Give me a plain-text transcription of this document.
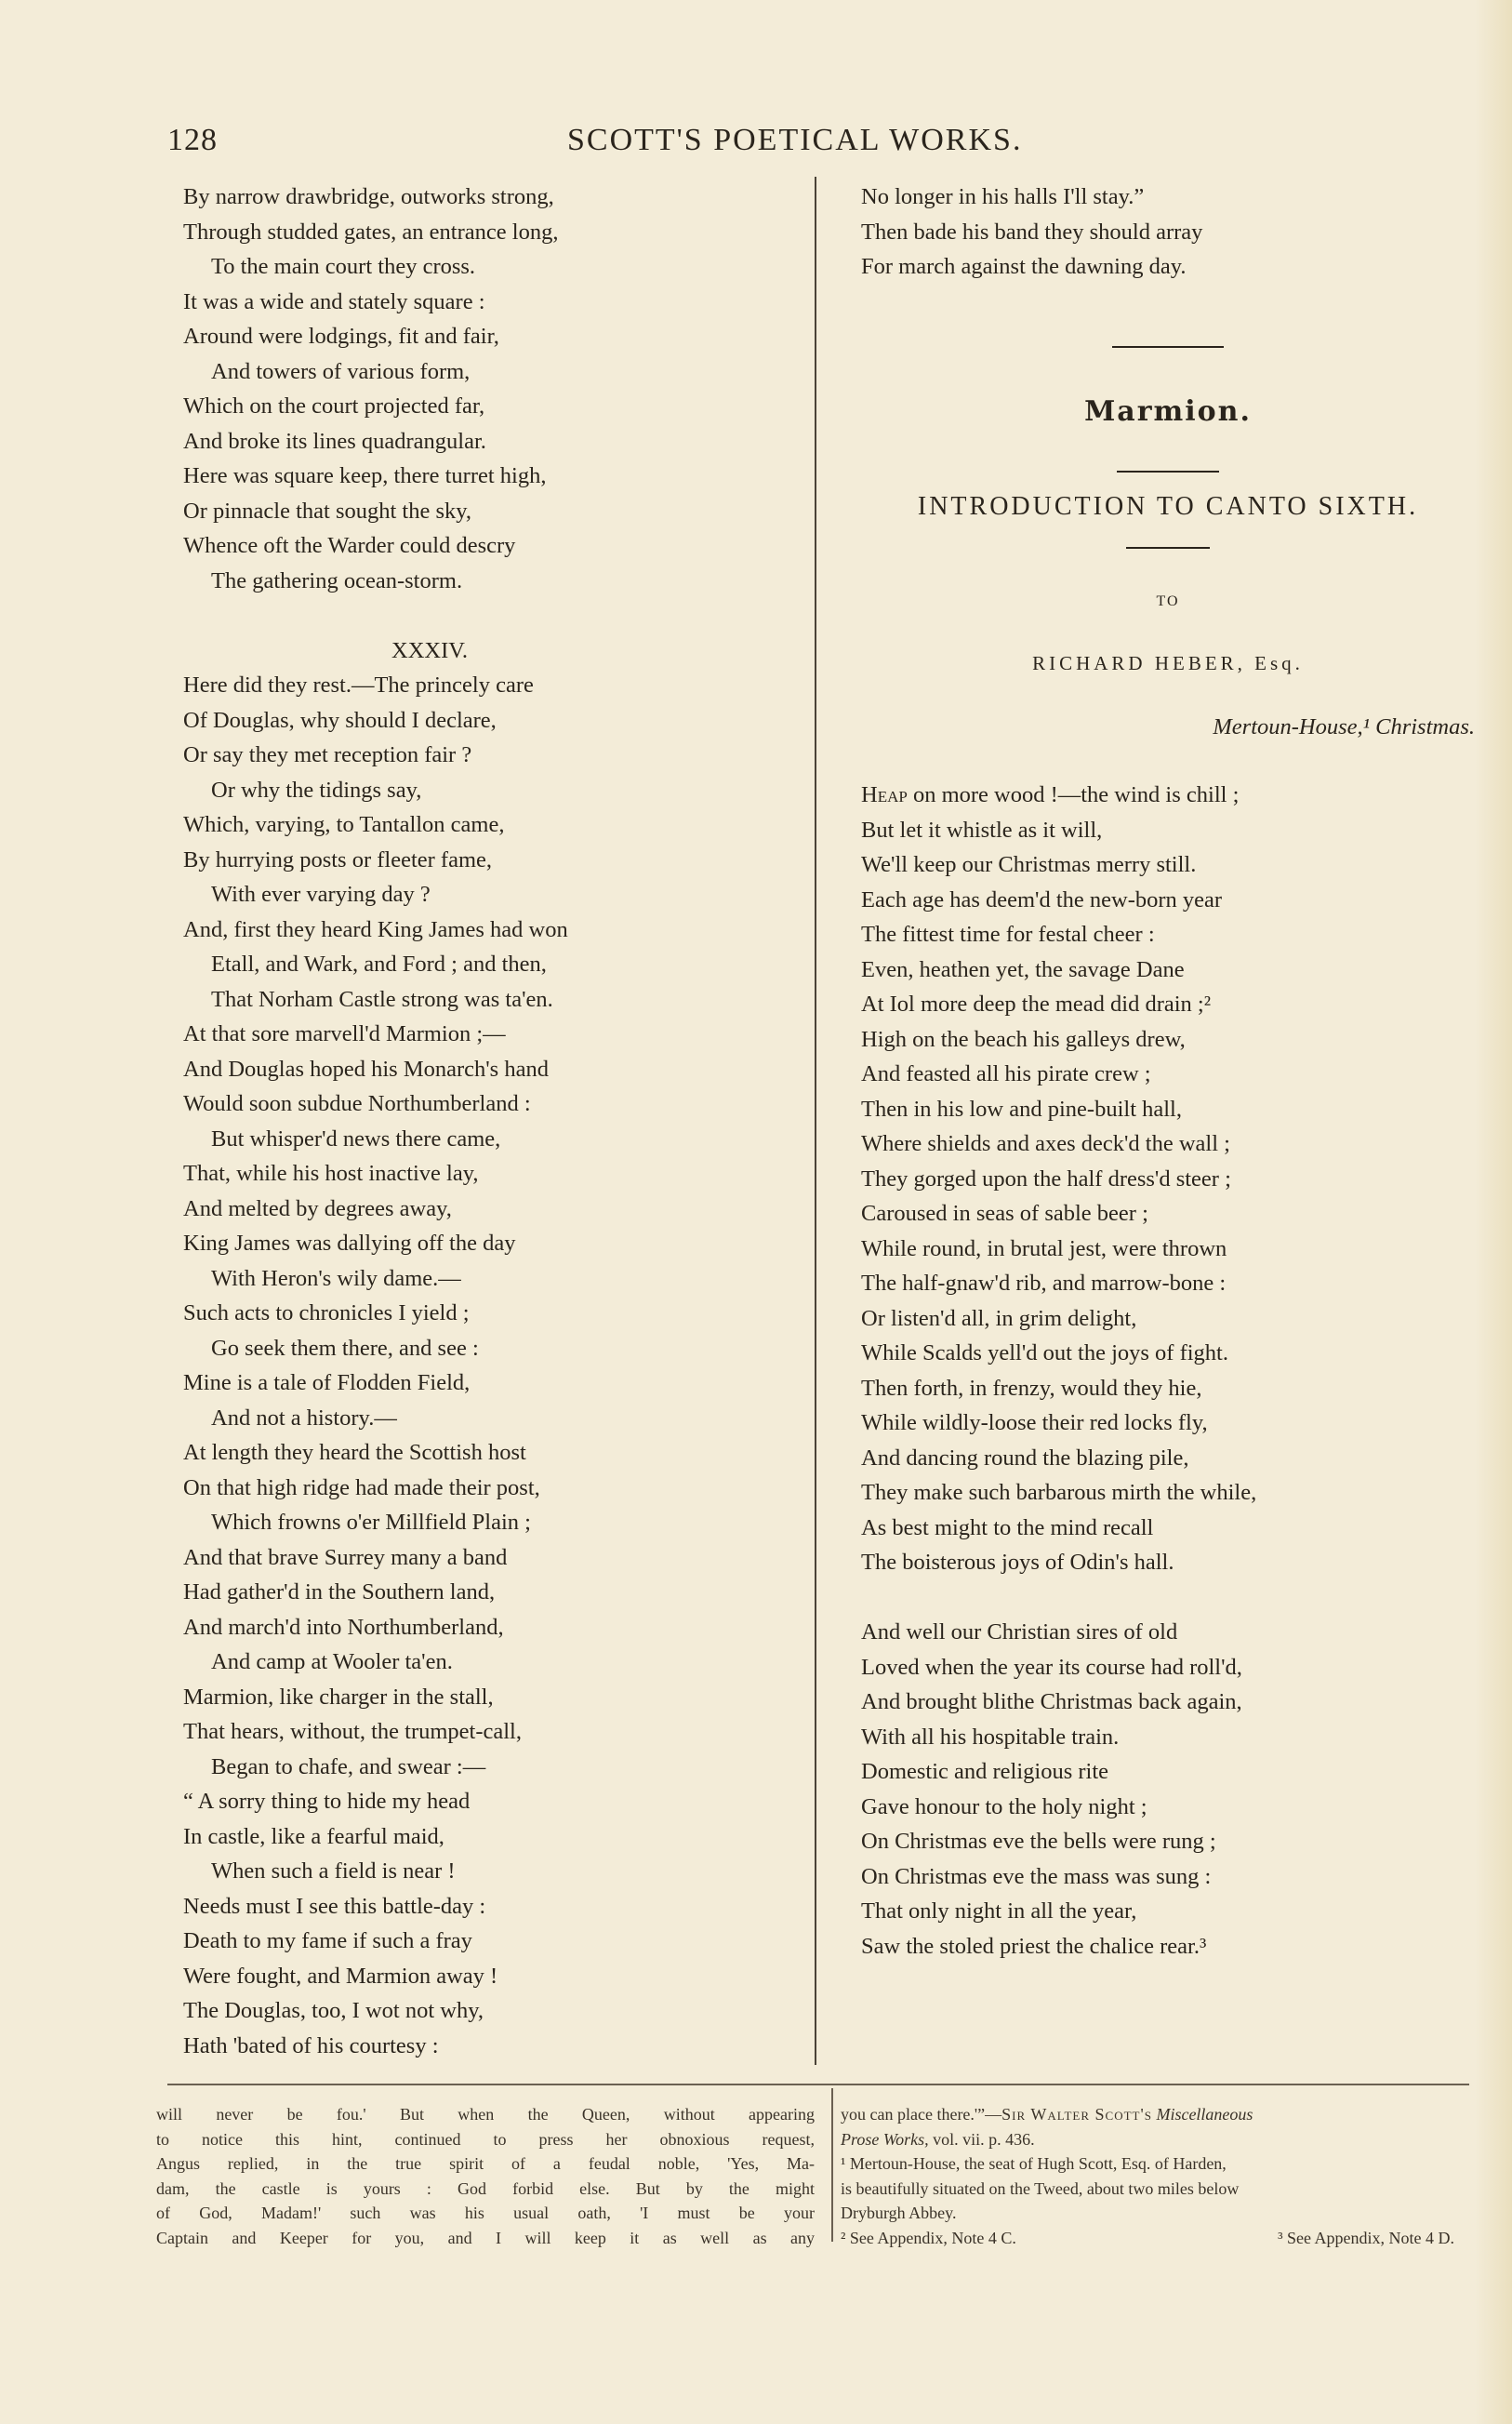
128	SCOTT'S POETICAL WORKS.
By narrow drawbridge, outworks strong,
Through studded gates, an entrance long,
To the main court they cross.
It was a wide and stately square :
Around were lodgings, fit and fair,
And towers of various form,
Which on the court projected far,
And broke its lines quadrangular.
Here was square keep, there turret high,
Or pinnacle that sought the sky,
Whence oft the Warder could descry
The gathering ocean-storm.
XXXIV.
Here did they rest.—The princely care
Of Douglas, why should I declare,
Or say they met reception fair ?
Or why the tidings say,
Which, varying, to Tantallon came,
By hurrying posts or fleeter fame,
With ever varying day ?
And, first they heard King James had won
Etall, and Wark, and Ford ; and then,
That Norham Castle strong was ta'en.
At that sore marvell'd Marmion ;—
And Douglas hoped his Monarch's hand
Would soon subdue Northumberland :
But whisper'd news there came,
That, while his host inactive lay,
And melted by degrees away,
King James was dallying off the day
With Heron's wily dame.—
Such acts to chronicles I yield ;
Go seek them there, and see :
Mine is a tale of Flodden Field,
And not a history.—
At length they heard the Scottish host
On that high ridge had made their post,
Which frowns o'er Millfield Plain ;
And that brave Surrey many a band
Had gather'd in the Southern land,
And march'd into Northumberland,
And camp at Wooler ta'en.
Marmion, like charger in the stall,
That hears, without, the trumpet-call,
Began to chafe, and swear :—
“ A sorry thing to hide my head
In castle, like a fearful maid,
When such a field is near !
Needs must I see this battle-day :
Death to my fame if such a fray
Were fought, and Marmion away !
The Douglas, too, I wot not why,
Hath 'bated of his courtesy :
No longer in his halls I'll stay.”
Then bade his band they should array
For march against the dawning day.
Marmion.
INTRODUCTION TO CANTO SIXTH.
TO
RICHARD HEBER, Esq.
Mertoun-House,¹ Christmas.
Heap on more wood !—the wind is chill ;
But let it whistle as it will,
We'll keep our Christmas merry still.
Each age has deem'd the new-born year
The fittest time for festal cheer :
Even, heathen yet, the savage Dane
At Iol more deep the mead did drain ;²
High on the beach his galleys drew,
And feasted all his pirate crew ;
Then in his low and pine-built hall,
Where shields and axes deck'd the wall ;
They gorged upon the half dress'd steer ;
Caroused in seas of sable beer ;
While round, in brutal jest, were thrown
The half-gnaw'd rib, and marrow-bone :
Or listen'd all, in grim delight,
While Scalds yell'd out the joys of fight.
Then forth, in frenzy, would they hie,
While wildly-loose their red locks fly,
And dancing round the blazing pile,
They make such barbarous mirth the while,
As best might to the mind recall
The boisterous joys of Odin's hall.
And well our Christian sires of old
Loved when the year its course had roll'd,
And brought blithe Christmas back again,
With all his hospitable train.
Domestic and religious rite
Gave honour to the holy night ;
On Christmas eve the bells were rung ;
On Christmas eve the mass was sung :
That only night in all the year,
Saw the stoled priest the chalice rear.³
will never be fou.' But when the Queen, without appearing
to notice this hint, continued to press her obnoxious request,
Angus replied, in the true spirit of a feudal noble, 'Yes, Ma-
dam, the castle is yours : God forbid else. But by the might
of God, Madam!' such was his usual oath, 'I must be your
Captain and Keeper for you, and I will keep it as well as any
you can place there.'”—Sir Walter Scott's Miscellaneous
Prose Works, vol. vii. p. 436.
¹ Mertoun-House, the seat of Hugh Scott, Esq. of Harden,
is beautifully situated on the Tweed, about two miles below
Dryburgh Abbey.
² See Appendix, Note 4 C.	³ See Appendix, Note 4 D.
